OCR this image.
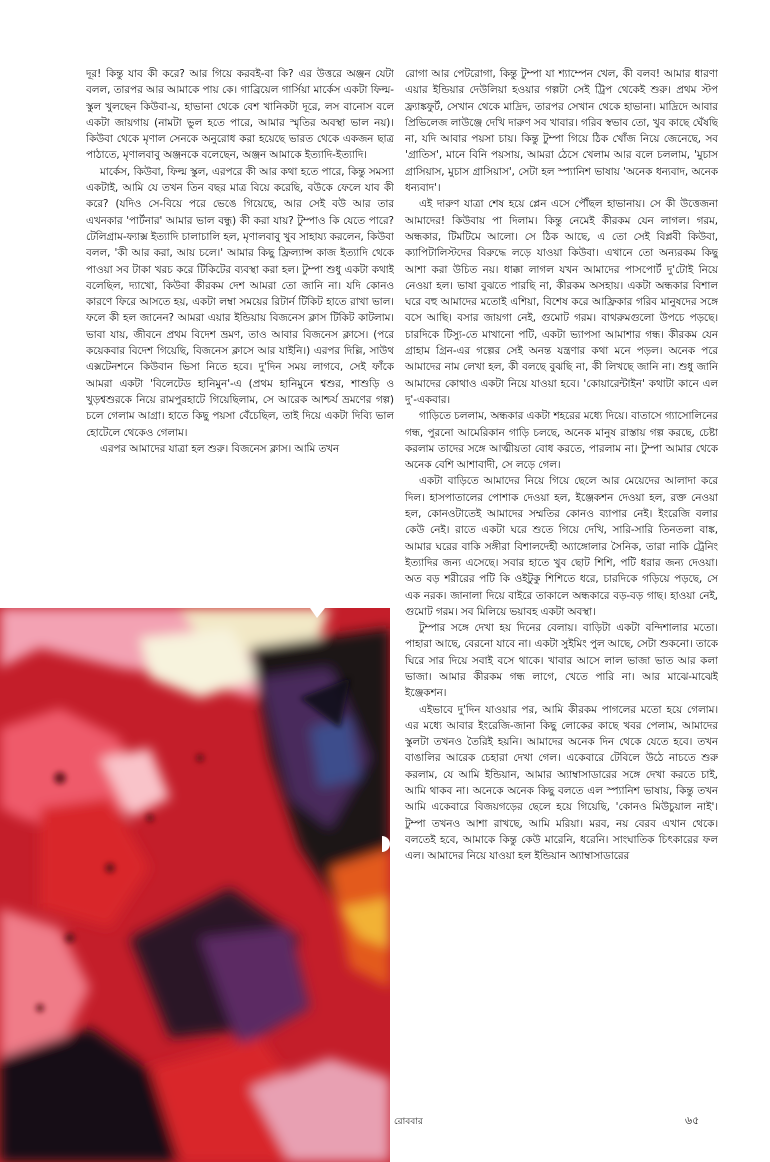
দূর! কিন্তু যাব কী করে? আর গিয়ে করবই-বা কি? এর উত্তরে অঞ্জন যেটা বলল, তারপর আর আমাকে পায় কে। গাব্রিয়েল গার্সিয়া মার্কেস একটা ফিল্ম-স্কুল খুলছেন কিউবা-য়, হাভানা থেকে বেশ খানিকটা দূরে, লস বানোস বলে একটা জায়গায় (নামটা ভুল হতে পারে, আমার স্মৃতির অবস্থা ভাল নয়)। কিউবা থেকে মৃণাল সেনকে অনুরোধ করা হয়েছে ভারত থেকে একজন ছাত্র পাঠাতে, মৃণালবাবু অঞ্জনকে বলেছেন, অঞ্জন আমাকে ইত্যাদি-ইত্যাদি।

মার্কেস, কিউবা, ফিল্ম স্কুল, এরপরে কী আর কথা হতে পারে, কিন্তু সমস্যা একটাই, আমি যে তখন তিন বছর মাত্র বিয়ে করেছি, বউকে ফেলে যাব কী করে? (যদিও সে-বিয়ে পরে ভেঙে গিয়েছে, আর সেই বউ আর তার এখনকার 'পার্টনার' আমার ভাল বন্ধু) কী করা যায়? টুম্পাও কি যেতে পারে? টেলিগ্রাম-ফ্যাক্স ইত্যাদি চালাচালি হল, মৃণালবাবু খুব সাহায্য করলেন, কিউবা বলল, 'কী আর করা, আয় চলে।' আমার কিছু ফ্রিল্যান্স কাজ ইত্যাদি থেকে পাওয়া সব টাকা খরচ করে টিকিটের ব্যবস্থা করা হল। টুম্পা শুধু একটা কথাই বলেছিল, দ্যাখো, কিউবা কীরকম দেশ আমরা তো জানি না। যদি কোনও কারণে ফিরে আসতে হয়, একটা লম্বা সময়ের রিটার্ন টিকিট হাতে রাখা ভাল। ফলে কী হল জানেন? আমরা এয়ার ইন্ডিয়ায় বিজনেস ক্লাস টিকিট কাটলাম। ভাবা যায়, জীবনে প্রথম বিদেশ ভ্রমণ, তাও আবার বিজনেস ক্লাসে। (পরে কয়েকবার বিদেশ গিয়েছি, বিজনেস ক্লাসে আর যাইনি।) এরপর দিল্লি, সাউথ এক্সটেনশনে কিউবান ভিসা নিতে হবে। দু'দিন সময় লাগবে, সেই ফাঁকে আমরা একটা 'বিলেটেড হানিমুন'-এ (প্রথম হানিমুনে শ্বশুর, শাশুড়ি ও খুড়শ্বশুরকে নিয়ে রামপুরহাটে গিয়েছিলাম, সে আরেক আশ্চর্য ভ্রমণের গল্প) চলে গেলাম আগ্রা। হাতে কিছু পয়সা বেঁচেছিল, তাই দিয়ে একটা দিব্যি ভাল হোটেলে থেকেও গেলাম।

এরপর আমাদের যাত্রা হল শুরু। বিজনেস ক্লাস। আমি তখন

রোগা আর পেটরোগা, কিন্তু টুম্পা যা শ্যাম্পেন খেল, কী বলব! আমার ধারণা এয়ার ইন্ডিয়ার দেউলিয়া হওয়ার গল্পটা সেই ট্রিপ থেকেই শুরু। প্রথম স্টপ ফ্র্যাঙ্কফুর্ট, সেখান থেকে মাদ্রিদ, তারপর সেখান থেকে হাভানা। মাদ্রিদে আবার প্রিভিলেজ লাউঞ্জে দেখি দারুণ সব খাবার। গরিব স্বভাব তো, খুব কাছে ঘেঁষছি না, যদি আবার পয়সা চায়। কিন্তু টুম্পা গিয়ে ঠিক খোঁজ নিয়ে জেনেছে, সব 'গ্রাতিস', মানে বিনি পয়সায়, আমরা ঠেসে খেলাম আর বলে চললাম, 'মুচাস গ্রাসিয়াস, মুচাস গ্রাসিয়াস', সেটা হল স্প্যানিশ ভাষায় 'অনেক ধন্যবাদ, অনেক ধন্যবাদ'।

এই দারুণ যাত্রা শেষ হয়ে প্লেন এসে পৌঁছল হাভানায়। সে কী উত্তেজনা আমাদের! কিউবায় পা দিলাম। কিন্তু নেমেই কীরকম যেন লাগল। গরম, অন্ধকার, টিমটিমে আলো। সে ঠিক আছে, এ তো সেই বিপ্লবী কিউবা, ক্যাপিটালিস্টদের বিরুদ্ধে লড়ে যাওয়া কিউবা। এখানে তো অন্যরকম কিছু আশা করা উচিত নয়। ধাক্কা লাগল যখন আমাদের পাসপোর্ট দু'টোই নিয়ে নেওয়া হল। ভাষা বুঝতে পারছি না, কীরকম অসহায়। একটা অন্ধকার বিশাল ঘরে বহু আমাদের মতোই এশিয়া, বিশেষ করে আফ্রিকার গরিব মানুষদের সঙ্গে বসে আছি। বসার জায়গা নেই, গুমোট গরম। বাথরুমগুলো উপচে পড়ছে। চারদিকে টিস্যু-তে মাখানো পটি, একটা ভ্যাপসা আমাশার গন্ধ। কীরকম যেন গ্রাহাম গ্রিন-এর গল্পের সেই অনন্ত যন্ত্রণার কথা মনে পড়ল। অনেক পরে আমাদের নাম লেখা হল, কী বলছে বুঝছি না, কী লিখছে জানি না। শুধু জানি আমাদের কোথাও একটা নিয়ে যাওয়া হবে। 'কোয়ারেন্টাইন' কথাটা কানে এল দু'-একবার।

গাড়িতে চললাম, অন্ধকার একটা শহরের মধ্যে দিয়ে। বাতাসে গ্যাসোলিনের গন্ধ, পুরনো আমেরিকান গাড়ি চলছে, অনেক মানুষ রাস্তায় গল্প করছে, চেষ্টা করলাম তাদের সঙ্গে আত্মীয়তা বোধ করতে, পারলাম না। টুম্পা আমার থেকে অনেক বেশি আশাবাদী, সে লড়ে গেল।

একটা বাড়িতে আমাদের নিয়ে গিয়ে ছেলে আর মেয়েদের আলাদা করে দিল। হাসপাতালের পোশাক দেওয়া হল, ইঞ্জেকশন দেওয়া হল, রক্ত নেওয়া হল, কোনওটাতেই আমাদের সম্মতির কোনও ব্যাপার নেই। ইংরেজি বলার কেউ নেই। রাতে একটা ঘরে শুতে গিয়ে দেখি, সারি-সারি তিনতলা বাঙ্ক, আমার ঘরের বাকি সঙ্গীরা বিশালদেহী অ্যাঙ্গোলার সৈনিক, তারা নাকি ট্রেনিং ইত্যাদির জন্য এসেছে। সবার হাতে খুব ছোট শিশি, পটি ধরার জন্য দেওয়া। অত বড় শরীরের পটি কি ওইটুকু শিশিতে ধরে, চারদিকে গড়িয়ে পড়ছে, সে এক নরক। জানালা দিয়ে বাইরে তাকালে অন্ধকারে বড়-বড় গাছ। হাওয়া নেই, গুমোট গরম। সব মিলিয়ে ভয়াবহ একটা অবস্থা।

টুম্পার সঙ্গে দেখা হয় দিনের বেলায়। বাড়িটা একটা বন্দিশালার মতো। পাহারা আছে, বেরনো যাবে না। একটা সুইমিং পুল আছে, সেটা শুকনো। তাকে ঘিরে সার দিয়ে সবাই বসে থাকে। খাবার আসে লাল ভাজা ভাত আর কলা ভাজা। আমার কীরকম গন্ধ লাগে, খেতে পারি না। আর মাঝে-মাঝেই ইঞ্জেকশন।

এইভাবে দু'দিন যাওয়ার পর, আমি কীরকম পাগলের মতো হয়ে গেলাম। এর মধ্যে আবার ইংরেজি-জানা কিছু লোকের কাছে খবর পেলাম, আমাদের স্কুলটা তখনও তৈরিই হয়নি। আমাদের অনেক দিন থেকে যেতে হবে। তখন বাঙালির আরেক চেহারা দেখা গেল। একেবারে টেবিলে উঠে নাচতে শুরু করলাম, যে আমি ইন্ডিয়ান, আমার অ্যাম্বাসাডারের সঙ্গে দেখা করতে চাই, আমি থাকব না। অনেকে অনেক কিছু বলতে এল স্প্যানিশ ভাষায়, কিন্তু তখন আমি একেবারে বিজয়গড়ের ছেলে হয়ে গিয়েছি, 'কোনও মিউচুয়াল নাই'। টুম্পা তখনও আশা রাখছে, আমি মরিয়া। মরব, নয় বেরব এখান থেকে। বলতেই হবে, আমাকে কিন্তু কেউ মারেনি, ধরেনি। সাংঘাতিক চিৎকারের ফল এল। আমাদের নিয়ে যাওয়া হল ইন্ডিয়ান অ্যাম্বাসাডারের

রোববার	৬৫
